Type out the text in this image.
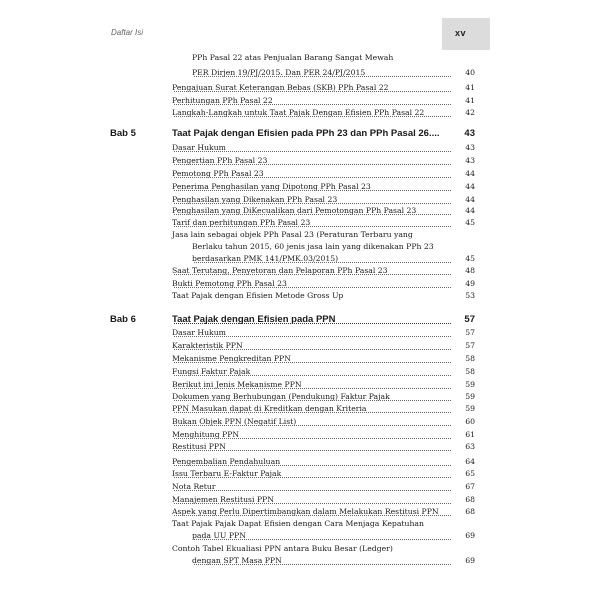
Daftar Isi	xv
PPh Pasal 22 atas Penjualan Barang Sangat Mewah
PER Dirjen 19/PJ/2015. Dan PER 24/PJ/2015	40
Pengajuan Surat Keterangan Bebas (SKB) PPh Pasal 22	41
Perhitungan PPh Pasal 22	41
Langkah-Langkah untuk Taat Pajak Dengan Efisien PPh Pasal 22	42
Bab 5	Taat Pajak dengan Efisien pada PPh 23 dan PPh Pasal 26....	43
Dasar Hukum	43
Pengertian PPh Pasal 23	43
Pemotong PPh Pasal 23	44
Penerima Penghasilan yang Dipotong PPh Pasal 23	44
Penghasilan yang Dikenakan PPh Pasal 23	44
Penghasilan yang DiKecualikan dari Pemotongan PPh Pasal 23	44
Tarif dan perhitungan PPh Pasal 23	45
Jasa lain sebagai objek PPh Pasal 23 (Peraturan Terbaru yang
Berlaku tahun 2015, 60 jenis jasa lain yang dikenakan PPh 23
berdasarkan PMK 141/PMK.03/2015)	45
Saat Terutang, Penyetoran dan Pelaporan PPh Pasal 23	48
Bukti Pemotong PPh Pasal 23	49
Taat Pajak dengan Efisien Metode Gross Up	53
Bab 6	Taat Pajak dengan Efisien pada PPN	57
Dasar Hukum	57
Karakteristik PPN	57
Mekanisme Pengkreditan PPN	58
Fungsi Faktur Pajak	58
Berikut ini Jenis Mekanisme PPN	59
Dokumen yang Berhubungan (Pendukung) Faktur Pajak	59
PPN Masukan dapat di Kreditkan dengan Kriteria	59
Bukan Objek PPN (Negatif List)	60
Menghitung PPN	61
Restitusi PPN	63
Pengembalian Pendahuluan	64
Issu Terbaru E-Faktur Pajak	65
Nota Retur	67
Manajemen Restitusi PPN	68
Aspek yang Perlu Dipertimbangkan dalam Melakukan Restitusi PPN	68
Taat Pajak Pajak Dapat Efisien dengan Cara Menjaga Kepatuhan
pada UU PPN	69
Contoh Tabel Ekualiasi PPN antara Buku Besar (Ledger)
dengan SPT Masa PPN	69
